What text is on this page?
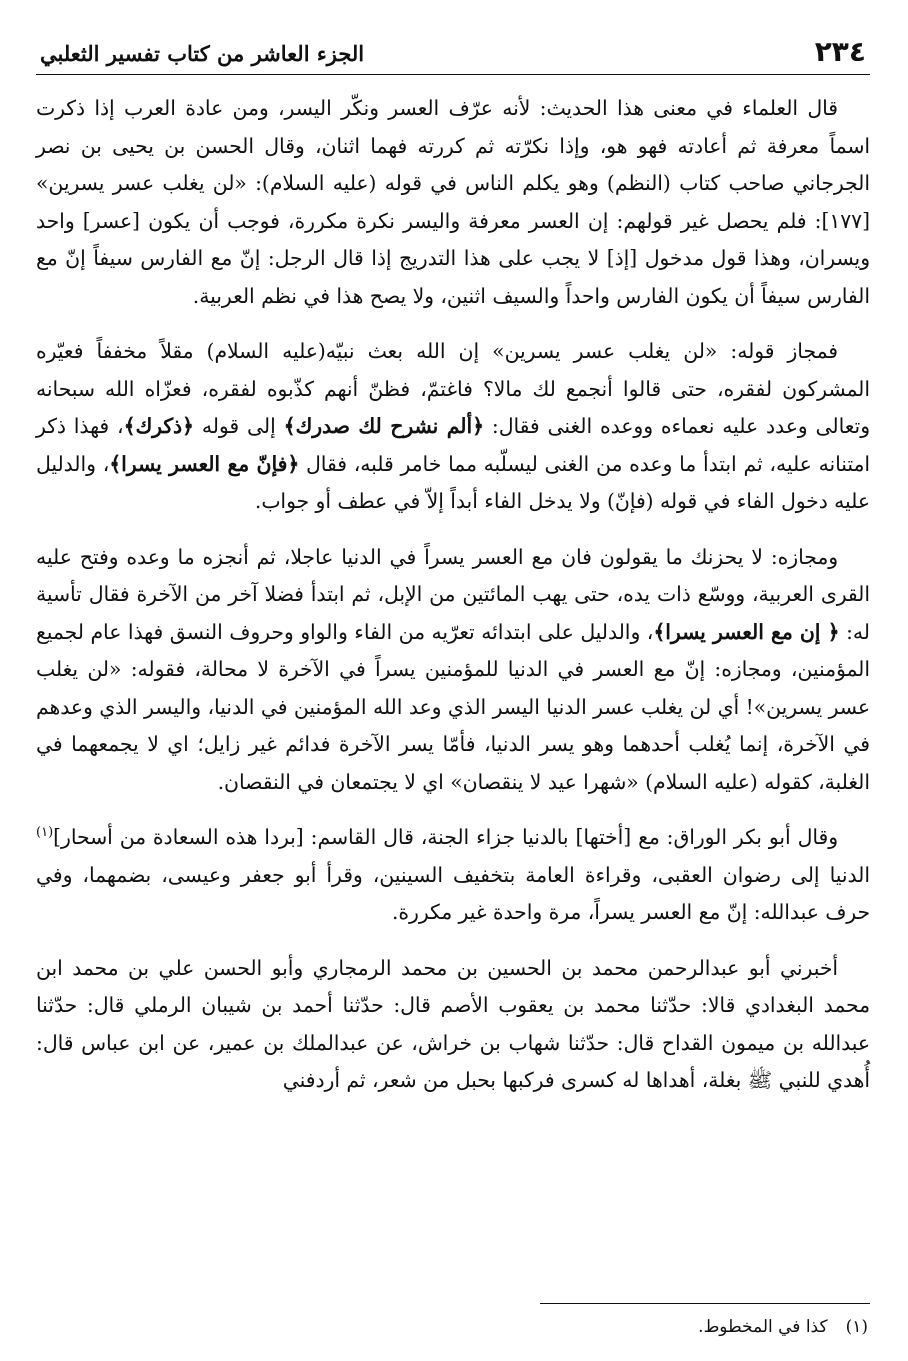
٢٣٤
الجزء العاشر من كتاب تفسير الثعلبي

قال العلماء في معنى هذا الحديث: لأنه عرّف العسر ونكّر اليسر، ومن عادة العرب إذا ذكرت اسماً معرفة ثم أعادته فهو هو، وإذا نكرّته ثم كررته فهما اثنان، وقال الحسن بن يحيى بن نصر الجرجاني صاحب كتاب (النظم) وهو يكلم الناس في قوله (عليه السلام): «لن يغلب عسر يسرين» [١٧٧]: فلم يحصل غير قولهم: إن العسر معرفة واليسر نكرة مكررة، فوجب أن يكون [عسر] واحد ويسران، وهذا قول مدخول [إذ] لا يجب على هذا التدريج إذا قال الرجل: إنّ مع الفارس سيفاً إنّ مع الفارس سيفاً أن يكون الفارس واحداً والسيف اثنين، ولا يصح هذا في نظم العربية.

فمجاز قوله: «لن يغلب عسر يسرين» إن الله بعث نبيّه(عليه السلام) مقلاً مخففاً فعيّره المشركون لفقره، حتى قالوا أنجمع لك مالا؟ فاغتمّ، فظنّ أنهم كذّبوه لفقره، فعزّاه الله سبحانه وتعالى وعدد عليه نعماءه ووعده الغنى فقال: ﴿ألم نشرح لك صدرك﴾ إلى قوله ﴿ذكرك﴾، فهذا ذكر امتنانه عليه، ثم ابتدأ ما وعده من الغنى ليسلّبه مما خامر قلبه، فقال ﴿فإنّ مع العسر يسرا﴾، والدليل عليه دخول الفاء في قوله (فإنّ) ولا يدخل الفاء أبداً إلاّ في عطف أو جواب.

ومجازه: لا يحزنك ما يقولون فان مع العسر يسراً في الدنيا عاجلا، ثم أنجزه ما وعده وفتح عليه القرى العربية، ووسّع ذات يده، حتى يهب المائتين من الإبل، ثم ابتدأ فضلا آخر من الآخرة فقال تأسية له: ﴿ إن مع العسر يسرا﴾، والدليل على ابتدائه تعرّيه من الفاء والواو وحروف النسق فهذا عام لجميع المؤمنين، ومجازه: إنّ مع العسر في الدنيا للمؤمنين يسراً في الآخرة لا محالة، فقوله: «لن يغلب عسر يسرين»! أي لن يغلب عسر الدنيا اليسر الذي وعد الله المؤمنين في الدنيا، واليسر الذي وعدهم في الآخرة، إنما يُغلب أحدهما وهو يسر الدنيا، فأمّا يسر الآخرة فدائم غير زايل؛ اي لا يجمعهما في الغلبة، كقوله (عليه السلام) «شهرا عيد لا ينقصان» اي لا يجتمعان في النقصان.

وقال أبو بكر الوراق: مع [أختها] بالدنيا جزاء الجنة، قال القاسم: [بردا هذه السعادة من أسحار]$^{(١)}$ الدنيا إلى رضوان العقبى، وقراءة العامة بتخفيف السينين، وقرأ أبو جعفر وعيسى، بضمهما، وفي حرف عبدالله: إنّ مع العسر يسراً، مرة واحدة غير مكررة.

أخبرني أبو عبدالرحمن محمد بن الحسين بن محمد الرمجاري وأبو الحسن علي بن محمد ابن محمد البغدادي قالا: حدّثنا محمد بن يعقوب الأصم قال: حدّثنا أحمد بن شيبان الرملي قال: حدّثنا عبدالله بن ميمون القداح قال: حدّثنا شهاب بن خراش، عن عبدالملك بن عمير، عن ابن عباس قال: أُهدي للنبي ﷺ بغلة، أهداها له كسرى فركبها بحبل من شعر، ثم أردفني

(١)كذا في المخطوط.
